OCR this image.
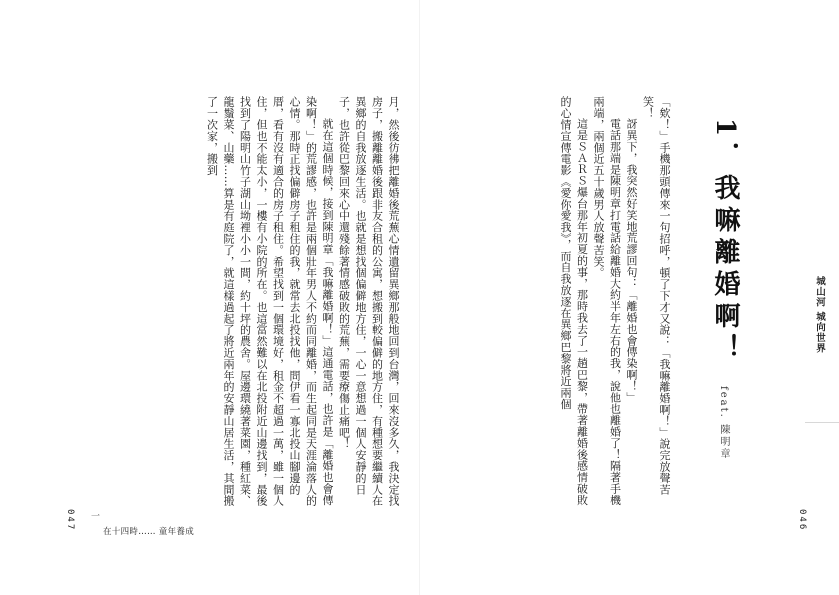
月，然後彷彿把離婚後荒蕪心情遺留異鄉那般地回到台灣，回來沒多久，我決定找房子，搬離離婚後跟非友合租的公寓，想搬到較偏僻的地方住，有種想要繼續人在異鄉的自我放逐生活。也就是想找個偏僻地方住，一心一意想過一個人安靜的日子，也許從巴黎回來心中還殘餘著情感破敗的荒蕪，需要療傷止痛吧！

就在這個時候，接到陳明章「我嘛離婚啊！」這通電話，也許是「離婚也會傳染啊！」的荒謬感，也許是兩個壯年男人不約而同離婚，而生起同是天涯淪落人的心情。那時正找偏僻房子租住的我，就常去北投找他，問伊看一寡北投山腳邊的厝，看有沒有適合的房子租住。希望找到一個環境好，租金不超過一萬，雖一個人住，但也不能太小，一樓有小院的所在。也這當然難以在北投附近山邊找到，最後找到了陽明山竹子湖山坳裡小小一間，約十坪的農舍。屋邊環繞著菜園，種紅菜、龍鬚菜、山藥……算是有庭院了，就這樣過起了將近兩年的安靜山居生活，其間搬了一次家，搬到

047 一
在十四時…… 童年養成

「欸！」手機那頭傳來一句招呼，頓了下才又說：「我嘛離婚啊！」說完放聲苦笑！

訝異下，我突然好笑地荒謬回句：「離婚也會傳染啊！」

電話那端是陳明章打電話給離婚大約半年左右的我，說他也離婚了！隔著手機兩端，兩個近五十歲男人放聲苦笑。

這是ＳＡＲＳ爆台那年初夏的事，那時我去了一趟巴黎，帶著離婚後感情破敗的心情宣傳電影《愛你愛我》，而自我放逐在異鄉巴黎將近兩個	1．我嘛離婚啊！
feat. 陳明章
城山河 城向世界
046
